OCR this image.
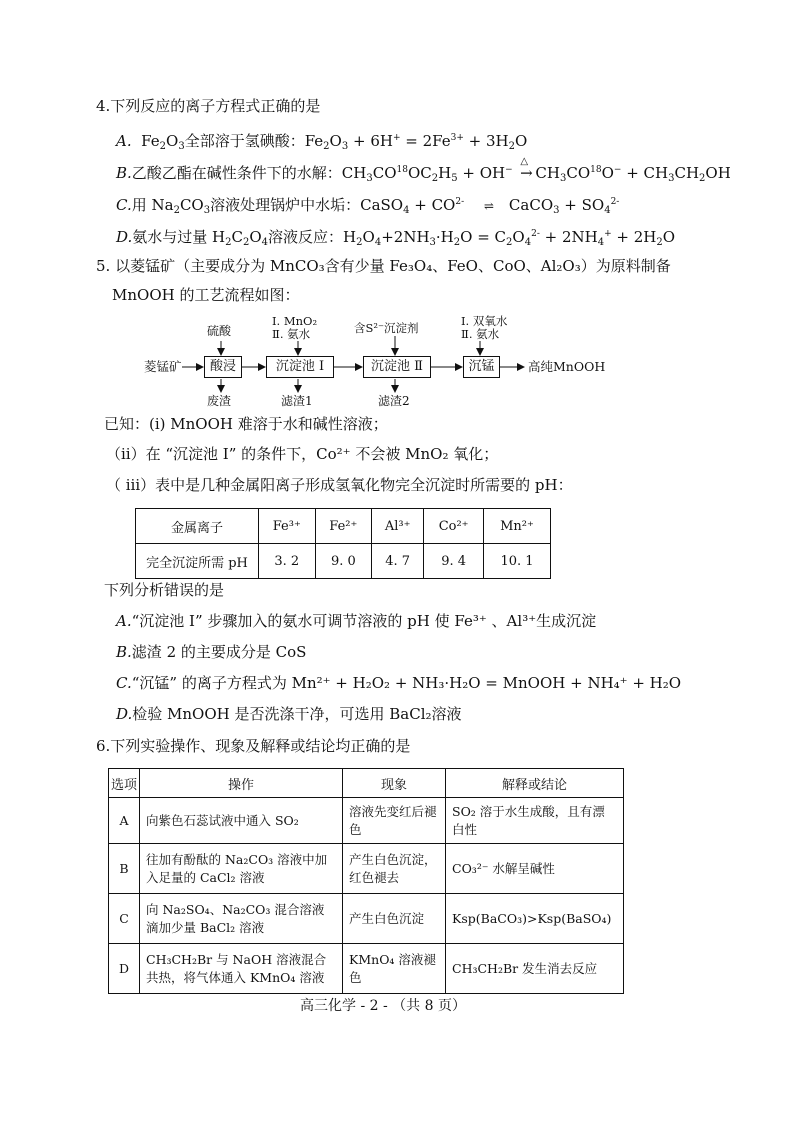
4.下列反应的离子方程式正确的是
A. $Fe_2O_3$全部溶于氢碘酸：$Fe_2O_3 + 6H^+ = 2Fe^{3+} + 3H_2O$
B.乙酸乙酯在碱性条件下的水解：$CH_3CO^{18}OC_2H_5 + OH^-$
△
→ $CH_3CO^{18}O^- + CH_3CH_2OH$
C.用 $Na_2CO_3$溶液处理锅炉中水垢：CaSO$_4$ + $CO^{2-}$ ⇌ CaCO$_3$ + $SO_4^{2-}$
D.氨水与过量 $H_2C_2O_4$溶液反应：$H_2O_4+2NH_3\cdot H_2O = C_2O_4^{2-} + 2NH_4^+ + 2H_2O$
5. 以菱锰矿（主要成分为 MnCO₃含有少量 Fe₃O₄、FeO、CoO、Al₂O₃）为原料制备
MnOOH 的工艺流程如图：
菱锰矿	酸浸	沉淀池 Ⅰ	沉淀池 Ⅱ	沉锰	高纯MnOOH
硫酸
Ⅰ. MnO₂
Ⅱ. 氨水	含S²⁻沉淀剂	Ⅰ. 双氧水
Ⅱ. 氨水
废渣	滤渣1	滤渣2
已知：(ⅰ) MnOOH 难溶于水和碱性溶液；
（ⅱ）在 “沉淀池 Ⅰ” 的条件下，Co²⁺ 不会被 MnO₂ 氧化；
（ ⅲ）表中是几种金属阳离子形成氢氧化物完全沉淀时所需要的 pH：
金属离子	Fe³⁺	Fe²⁺	Al³⁺	Co²⁺	Mn²⁺
完全沉淀所需 pH	3. 2	9. 0	4. 7	9. 4	10. 1
下列分析错误的是
A.“沉淀池 Ⅰ” 步骤加入的氨水可调节溶液的 pH 使 Fe³⁺ 、Al³⁺生成沉淀
B.滤渣 2 的主要成分是 CoS
C.“沉锰” 的离子方程式为 Mn²⁺ + H₂O₂ + NH₃·H₂O = MnOOH + NH₄⁺ + H₂O
D.检验 MnOOH 是否洗涤干净，可选用 BaCl₂溶液
6.下列实验操作、现象及解释或结论均正确的是
选项	操作	现象	解释或结论
A	向紫色石蕊试液中通入 SO₂	溶液先变红后褪色	SO₂ 溶于水生成酸，且有漂白性
B	往加有酚酞的 Na₂CO₃ 溶液中加入足量的 CaCl₂ 溶液	产生白色沉淀，红色褪去	CO₃²⁻ 水解呈碱性
C	向 Na₂SO₄、Na₂CO₃ 混合溶液滴加少量 BaCl₂ 溶液	产生白色沉淀	Ksp(BaCO₃)>Ksp(BaSO₄)
D	CH₃CH₂Br 与 NaOH 溶液混合共热，将气体通入 KMnO₄ 溶液	KMnO₄ 溶液褪色	CH₃CH₂Br 发生消去反应
高三化学 - 2 - （共 8 页）
